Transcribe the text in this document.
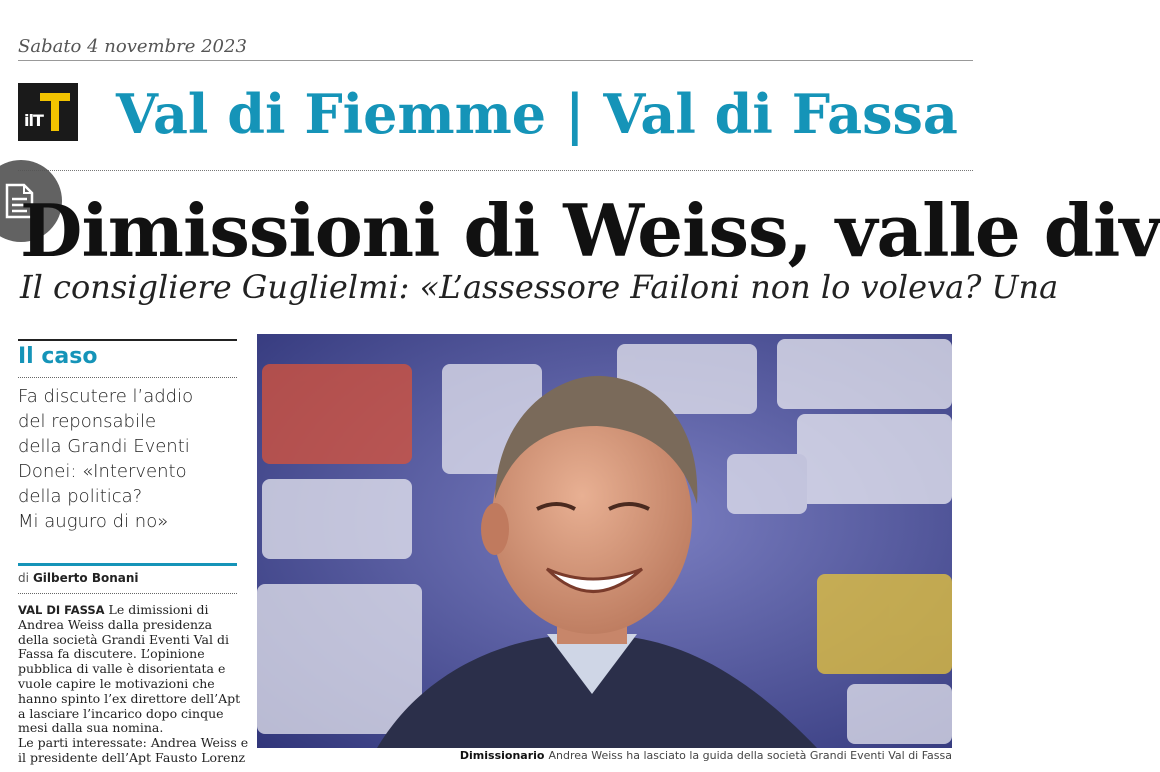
Sabato 4 novembre 2023
ilT Val di Fiemme | Val di Fassa
Dimissioni di Weiss, valle div
Il consigliere Guglielmi: «L’assessore Failoni non lo voleva? Una
Il caso
Fa discutere l’addio
del reponsabile
della Grandi Eventi
Donei: «Intervento
della politica?
Mi auguro di no»
di Gilberto Bonani
VAL DI FASSA Le dimissioni di
Andrea Weiss dalla presidenza
della società Grandi Eventi Val di
Fassa fa discutere. L’opinione
pubblica di valle è disorientata e
vuole capire le motivazioni che
hanno spinto l’ex direttore dell’Apt
a lasciare l’incarico dopo cinque
mesi dalla sua nomina.
Le parti interessate: Andrea Weiss e
il presidente dell’Apt Fausto Lorenz	Dimissionario Andrea Weiss ha lasciato la guida della società Grandi Eventi Val di Fassa
